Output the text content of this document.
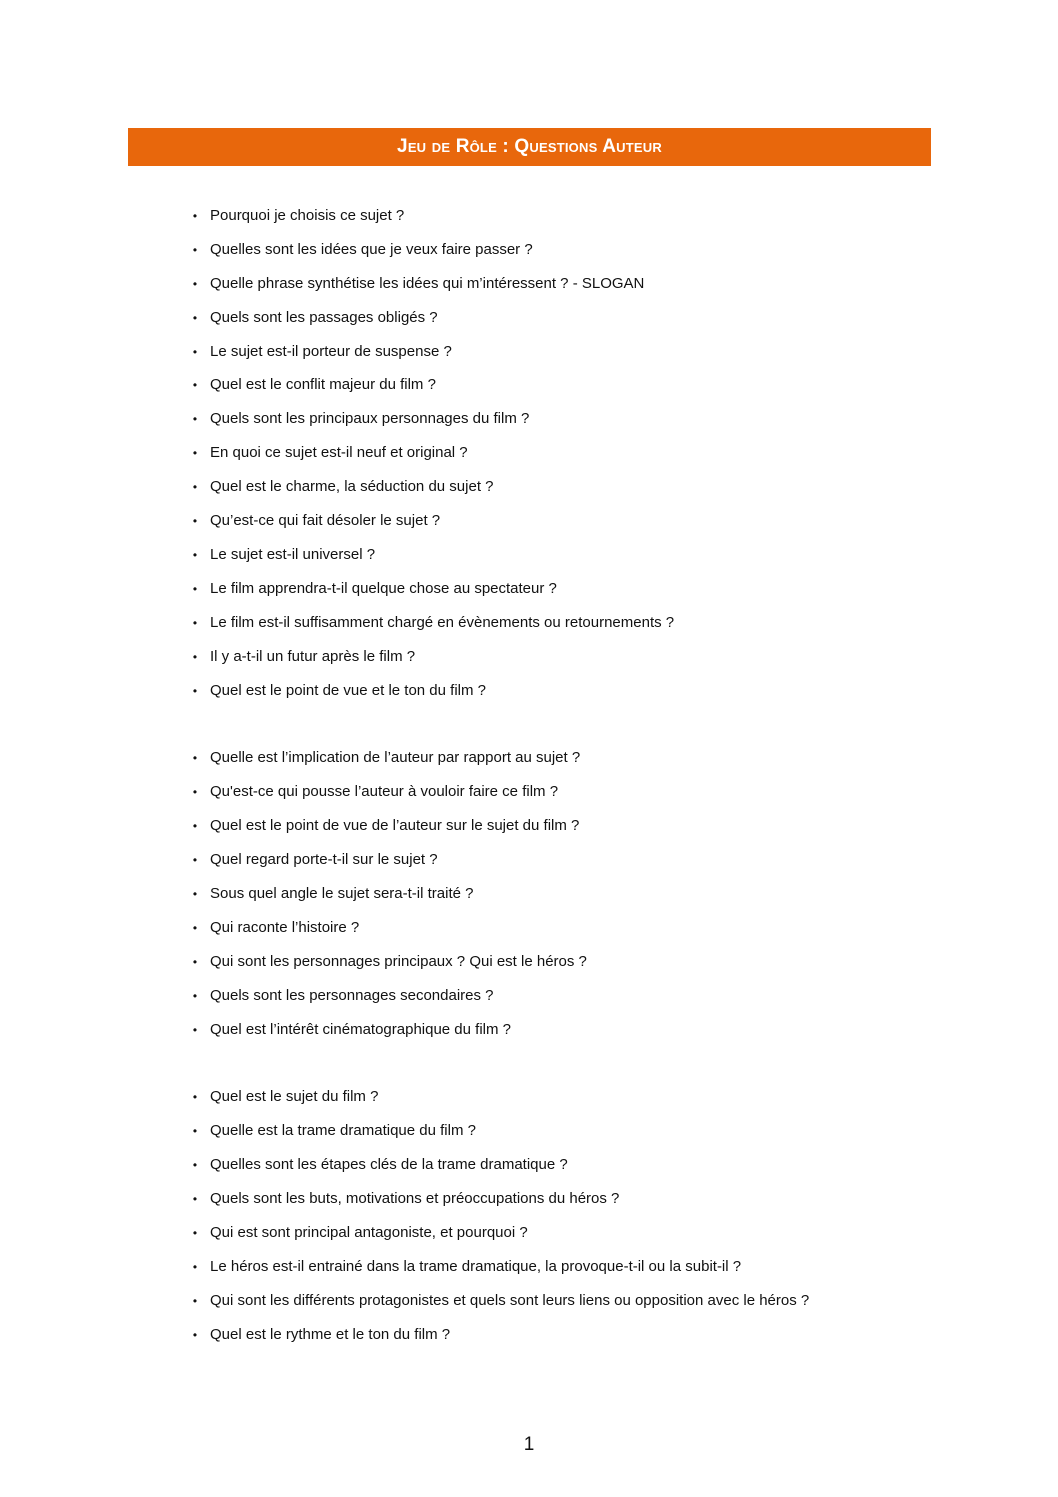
Jeu de Rôle : Questions Auteur
• Pourquoi je choisis ce sujet ?
• Quelles sont les idées que je veux faire passer ?
• Quelle phrase synthétise les idées qui m’intéressent ? - SLOGAN
• Quels sont les passages obligés ?
• Le sujet est-il porteur de suspense ?
• Quel est le conflit majeur du film ?
• Quels sont les principaux personnages du film ?
• En quoi ce sujet est-il neuf et original ?
• Quel est le charme, la séduction du sujet ?
• Qu’est-ce qui fait désoler le sujet ?
• Le sujet est-il universel ?
• Le film apprendra-t-il quelque chose au spectateur ?
• Le film est-il suffisamment chargé en évènements ou retournements ?
• Il y a-t-il un futur après le film ?
• Quel est le point de vue et le ton du film ?
• Quelle est l’implication de l’auteur par rapport au sujet ?
• Qu'est-ce qui pousse l’auteur à vouloir faire ce film ?
• Quel est le point de vue de l’auteur sur le sujet du film ?
• Quel regard porte-t-il sur le sujet ?
• Sous quel angle le sujet sera-t-il traité ?
• Qui raconte l’histoire ?
• Qui sont les personnages principaux ? Qui est le héros ?
• Quels sont les personnages secondaires ?
• Quel est l’intérêt cinématographique du film ?
• Quel est le sujet du film ?
• Quelle est la trame dramatique du film ?
• Quelles sont les étapes clés de la trame dramatique ?
• Quels sont les buts, motivations et préoccupations du héros ?
• Qui est sont principal antagoniste, et pourquoi ?
• Le héros est-il entrainé dans la trame dramatique, la provoque-t-il ou la subit-il ?
• Qui sont les différents protagonistes et quels sont leurs liens ou opposition avec le héros ?
• Quel est le rythme et le ton du film ?
1
